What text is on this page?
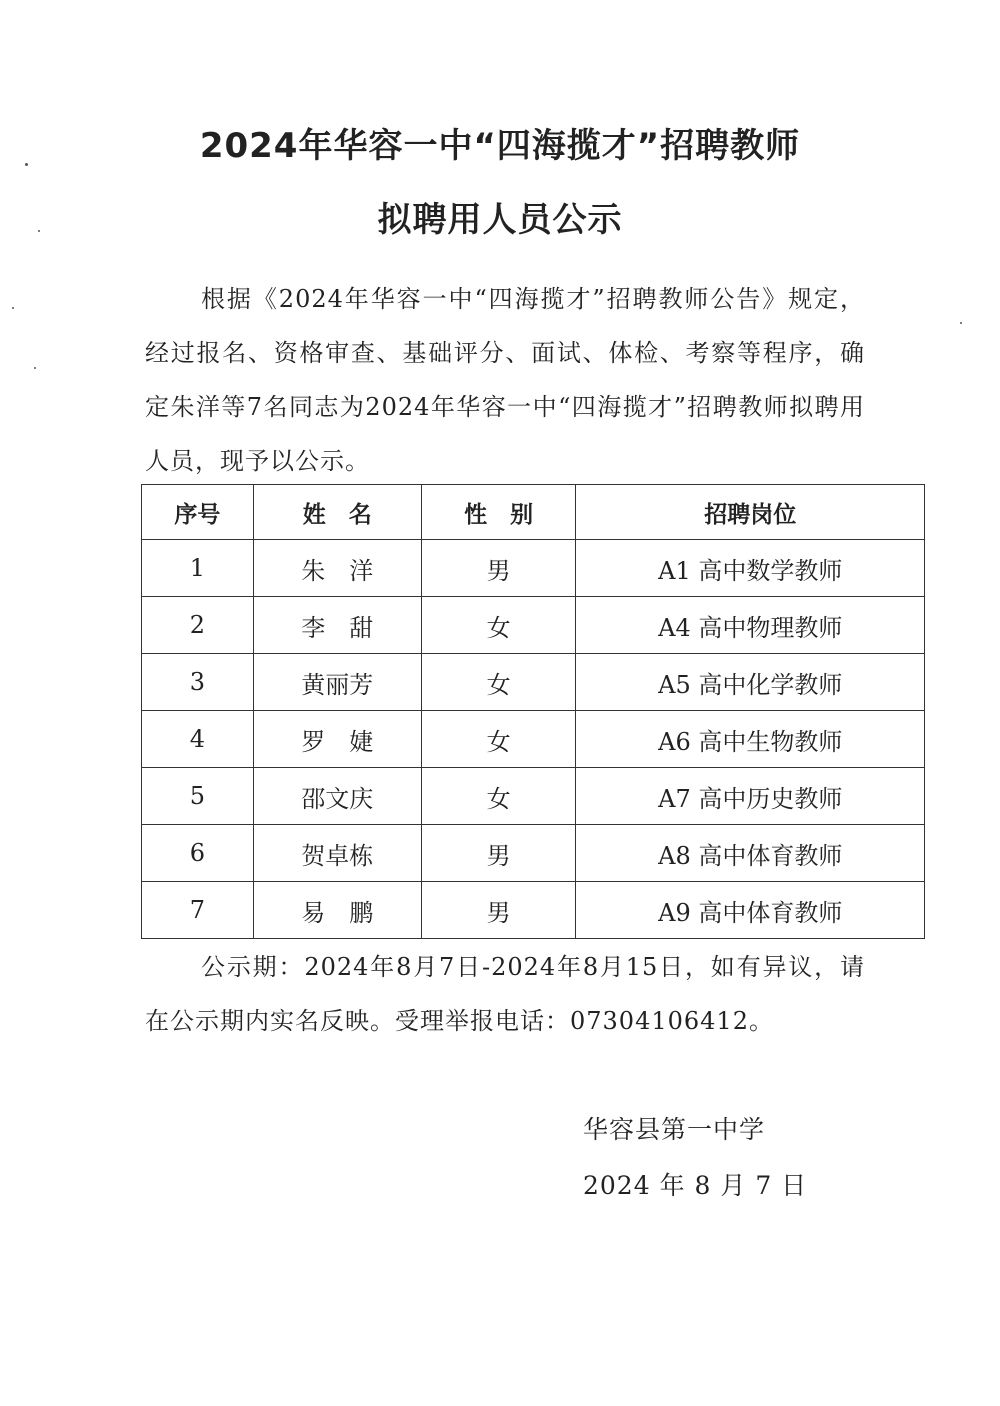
2024年华容一中“四海揽才”招聘教师
拟聘用人员公示
根据《2024年华容一中“四海揽才”招聘教师公告》规定，经过报名、资格审查、基础评分、面试、体检、考察等程序，确定朱洋等7名同志为2024年华容一中“四海揽才”招聘教师拟聘用人员，现予以公示。
序号	姓　名	性　别	招聘岗位
1	朱　洋	男	A1 高中数学教师
2	李　甜	女	A4 高中物理教师
3	黄丽芳	女	A5 高中化学教师
4	罗　婕	女	A6 高中生物教师
5	邵文庆	女	A7 高中历史教师
6	贺卓栋	男	A8 高中体育教师
7	易　鹏	男	A9 高中体育教师
公示期：2024年8月7日-2024年8月15日，如有异议，请在公示期内实名反映。受理举报电话：07304106412。
华容县第一中学
2024 年 8 月 7 日
